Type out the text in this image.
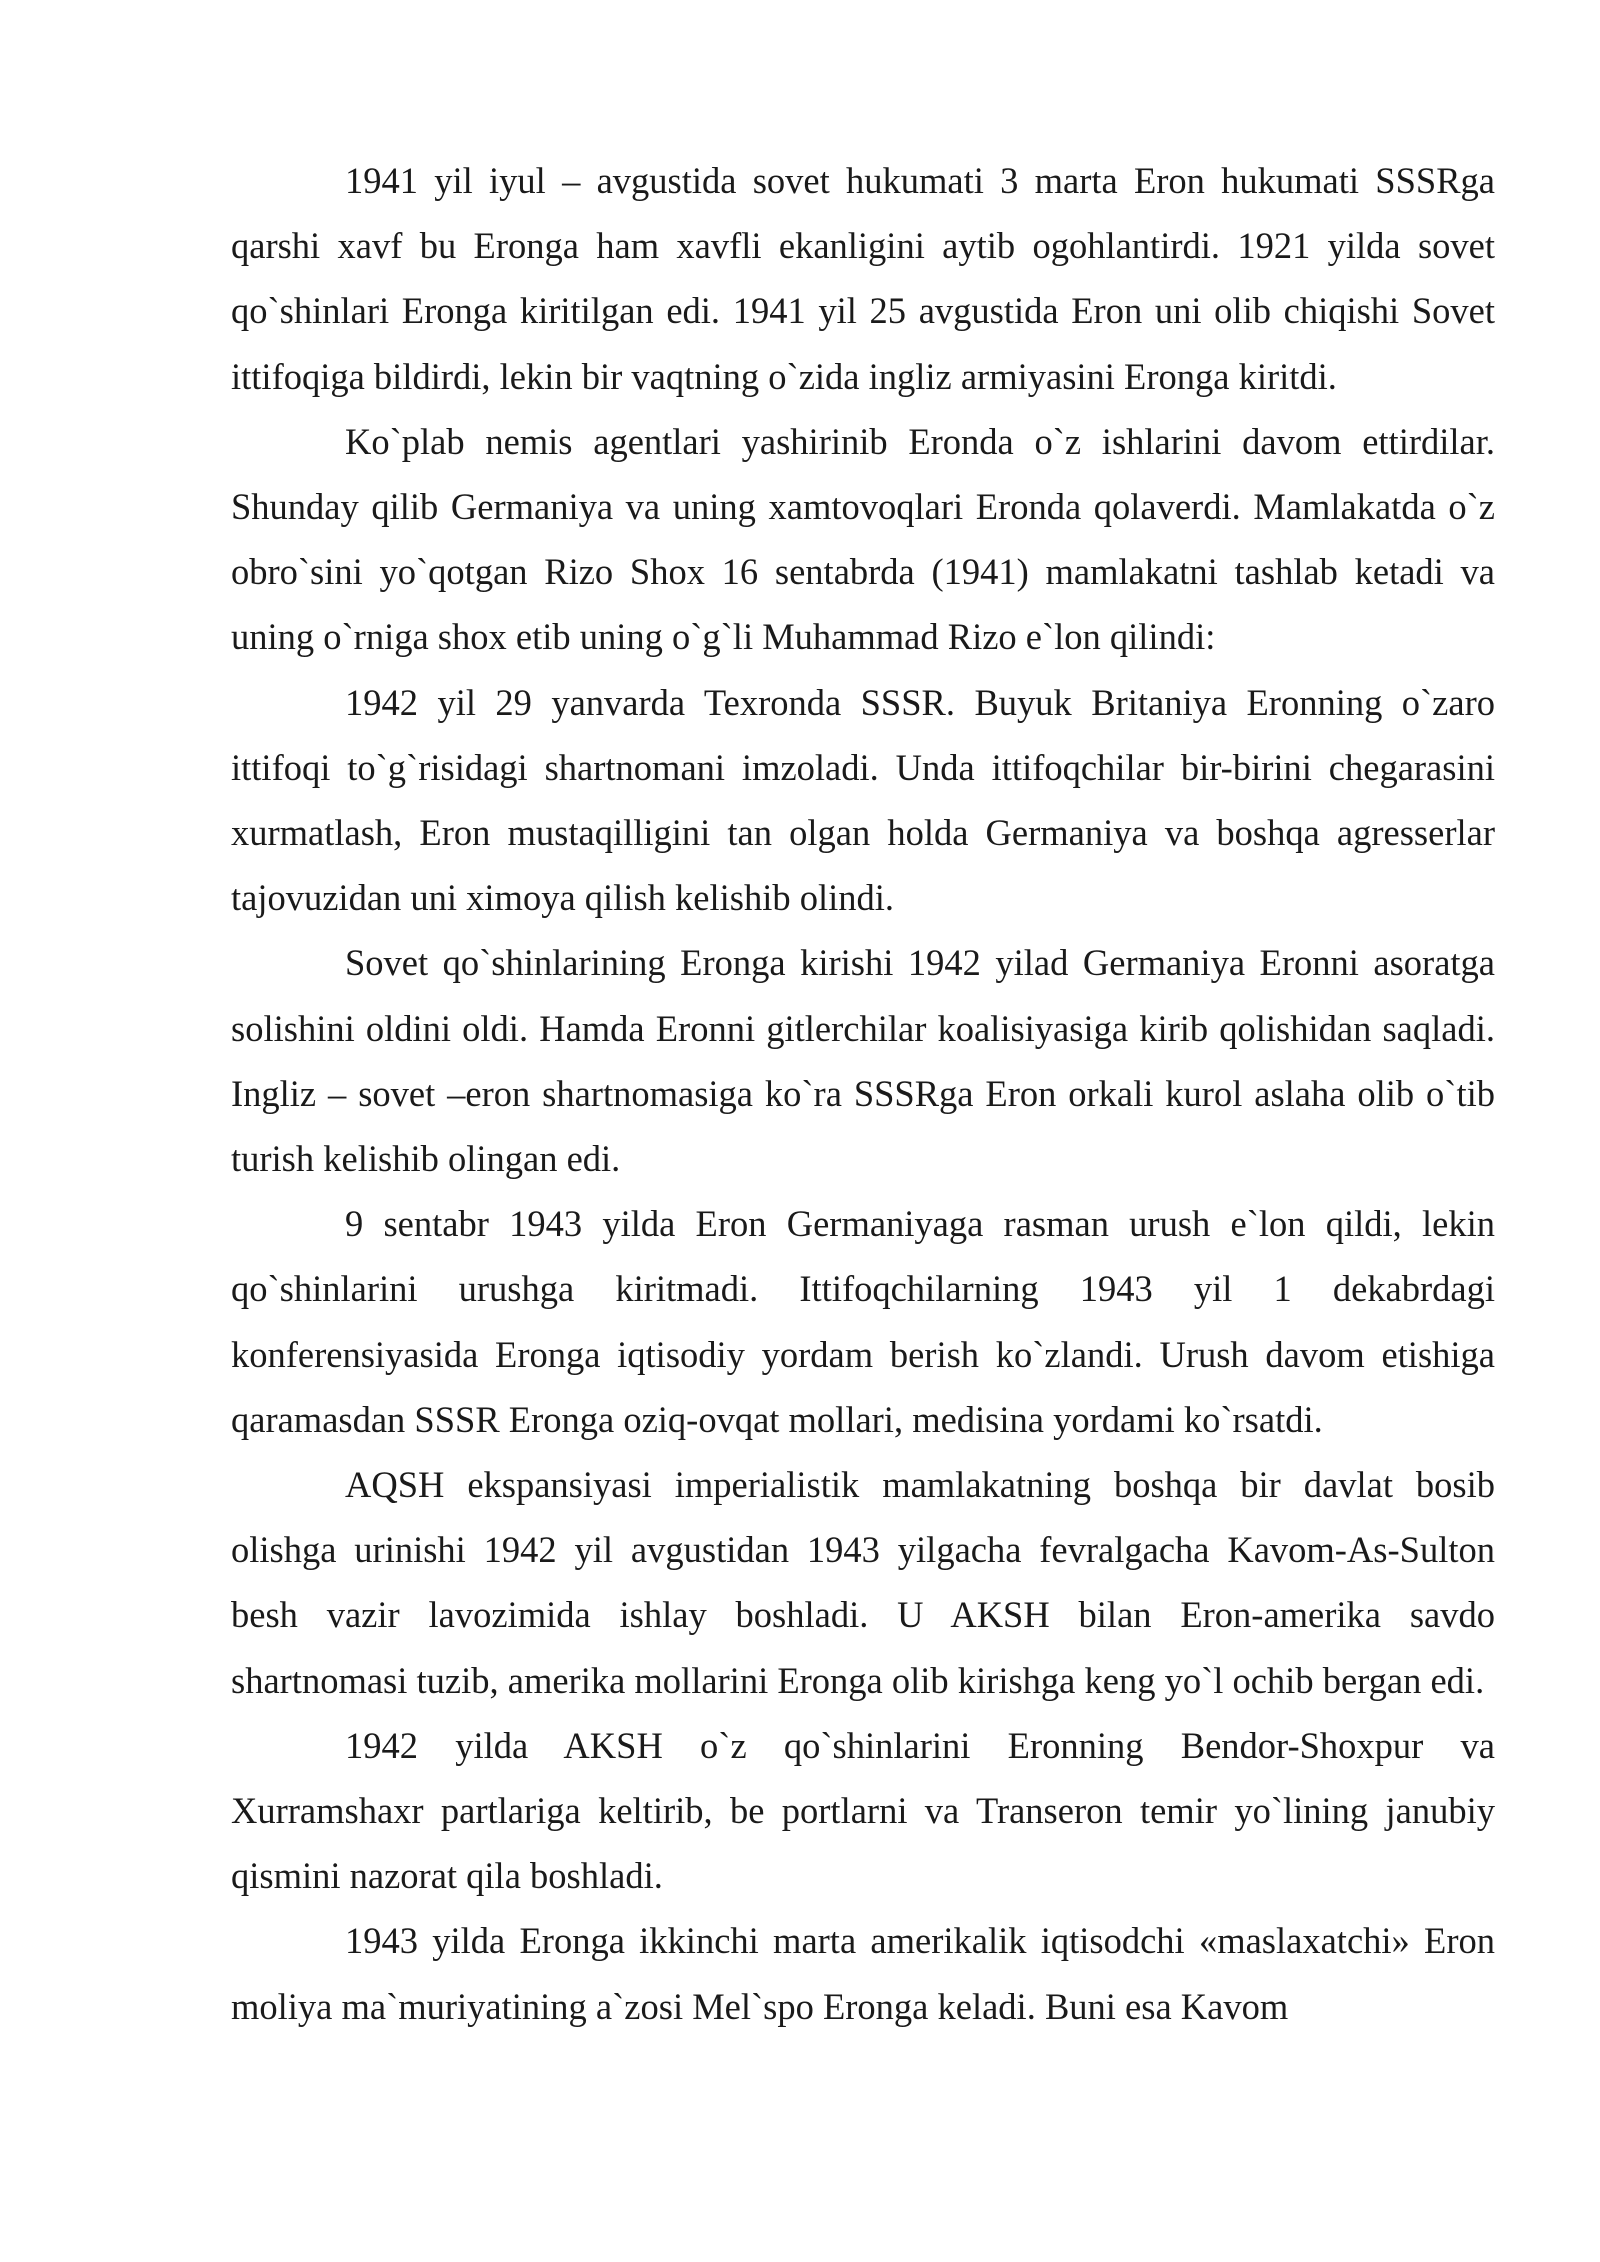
1941 yil iyul – avgustida sovet hukumati 3 marta Eron hukumati SSSRga qarshi xavf bu Eronga ham xavfli ekanligini aytib ogohlantirdi. 1921 yilda sovet qo`shinlari Eronga kiritilgan edi. 1941 yil 25 avgustida Eron uni olib chiqishi Sovet ittifoqiga bildirdi, lekin bir vaqtning o`zida ingliz armiyasini Eronga kiritdi.

Ko`plab nemis agentlari yashirinib Eronda o`z ishlarini davom ettirdilar. Shunday qilib Germaniya va uning xamtovoqlari Eronda qolaverdi. Mamlakatda o`z obro`sini yo`qotgan Rizo Shox 16 sentabrda (1941) mamlakatni tashlab ketadi va uning o`rniga shox etib uning o`g`li Muhammad Rizo e`lon qilindi:

1942 yil 29 yanvarda Texronda SSSR. Buyuk Britaniya Eronning o`zaro ittifoqi to`g`risidagi shartnomani imzoladi. Unda ittifoqchilar bir-birini chegarasini xurmatlash, Eron mustaqilligini tan olgan holda Germaniya va boshqa agresserlar tajovuzidan uni ximoya qilish kelishib olindi.

Sovet qo`shinlarining Eronga kirishi 1942 yilad Germaniya Eronni asoratga solishini oldini oldi. Hamda Eronni gitlerchilar koalisiyasiga kirib qolishidan saqladi. Ingliz – sovet –eron shartnomasiga ko`ra SSSRga Eron orkali kurol aslaha olib o`tib turish kelishib olingan edi.

9 sentabr 1943 yilda Eron Germaniyaga rasman urush e`lon qildi, lekin qo`shinlarini urushga kiritmadi. Ittifoqchilarning 1943 yil 1 dekabrdagi konferensiyasida Eronga iqtisodiy yordam berish ko`zlandi. Urush davom etishiga qaramasdan SSSR Eronga oziq-ovqat mollari, medisina yordami ko`rsatdi.

AQSH ekspansiyasi imperialistik mamlakatning boshqa bir davlat bosib olishga urinishi 1942 yil avgustidan 1943 yilgacha fevralgacha Kavom-As-Sulton besh vazir lavozimida ishlay boshladi. U AKSH bilan Eron-amerika savdo shartnomasi tuzib, amerika mollarini Eronga olib kirishga keng yo`l ochib bergan edi.

1942 yilda AKSH o`z qo`shinlarini Eronning Bendor-Shoxpur va Xurramshaxr partlariga keltirib, be portlarni va Transeron temir yo`lining janubiy qismini nazorat qila boshladi.

1943 yilda Eronga ikkinchi marta amerikalik iqtisodchi «maslaxatchi» Eron moliya ma`muriyatining a`zosi Mel`spo Eronga keladi. Buni esa Kavom
